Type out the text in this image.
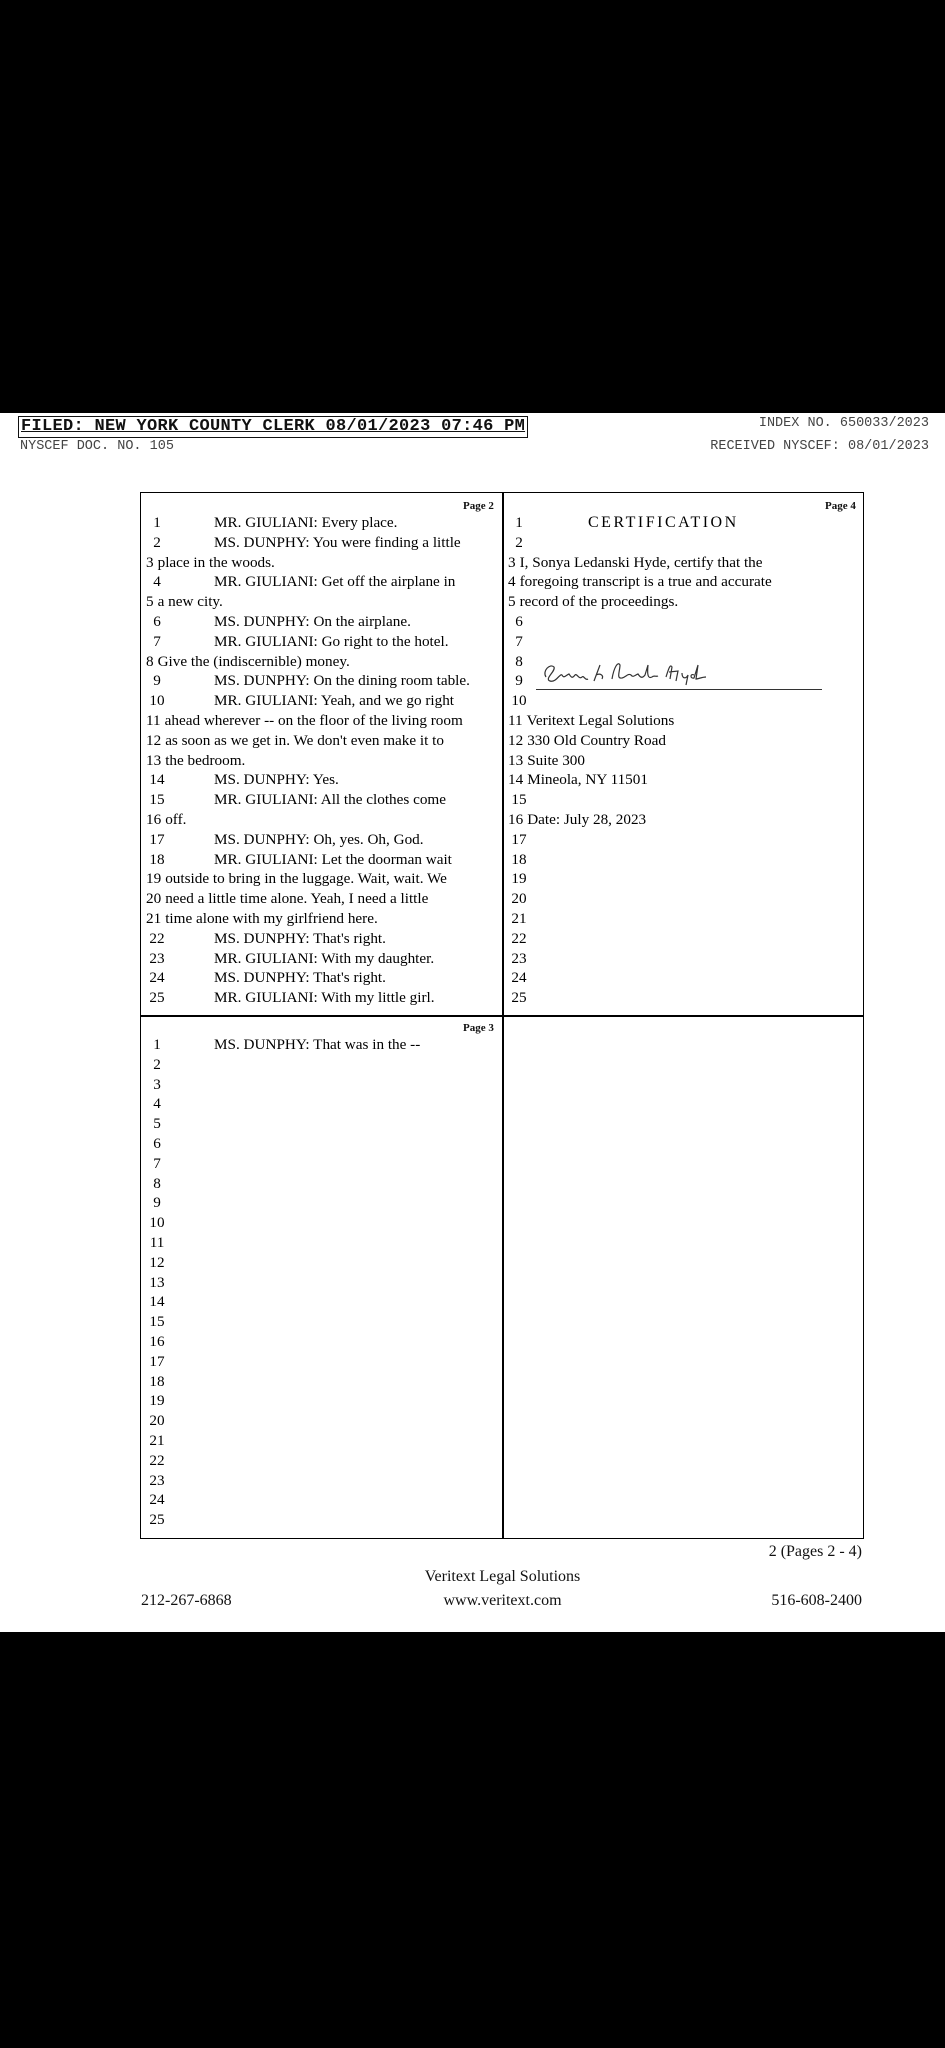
FILED: NEW YORK COUNTY CLERK 08/01/2023 07:46 PM	INDEX NO. 650033/2023
NYSCEF DOC. NO. 105	RECEIVED NYSCEF: 08/01/2023
Page 2	Page 4
Page 3
CERTIFICATION
1	MR. GIULIANI: Every place.
2	MS. DUNPHY: You were finding a little
3 place in the woods.
4	MR. GIULIANI: Get off the airplane in
5 a new city.
6	MS. DUNPHY: On the airplane.
7	MR. GIULIANI: Go right to the hotel.
8 Give the (indiscernible) money.
9	MS. DUNPHY: On the dining room table.
10	MR. GIULIANI: Yeah, and we go right
11 ahead wherever -- on the floor of the living room
12 as soon as we get in. We don't even make it to
13 the bedroom.
14	MS. DUNPHY: Yes.
15	MR. GIULIANI: All the clothes come
16 off.
17	MS. DUNPHY: Oh, yes. Oh, God.
18	MR. GIULIANI: Let the doorman wait
19 outside to bring in the luggage. Wait, wait. We
20 need a little time alone. Yeah, I need a little
21 time alone with my girlfriend here.
22	MS. DUNPHY: That's right.
23	MR. GIULIANI: With my daughter.
24	MS. DUNPHY: That's right.
25	MR. GIULIANI: With my little girl.
1	MS. DUNPHY: That was in the --
2
3
4
5
6
7
8
9
10
11
12
13
14
15
16
17
18
19
20
21
22
23
24
25
1
2
3 I, Sonya Ledanski Hyde, certify that the
4 foregoing transcript is a true and accurate
5 record of the proceedings.
6
7
8
9
10
11 Veritext Legal Solutions
12 330 Old Country Road
13 Suite 300
14 Mineola, NY 11501
15
16 Date: July 28, 2023
17
18
19
20
21
22
23
24
25
2 (Pages 2 - 4)
Veritext Legal Solutions
www.veritext.com
212-267-6868	516-608-2400
